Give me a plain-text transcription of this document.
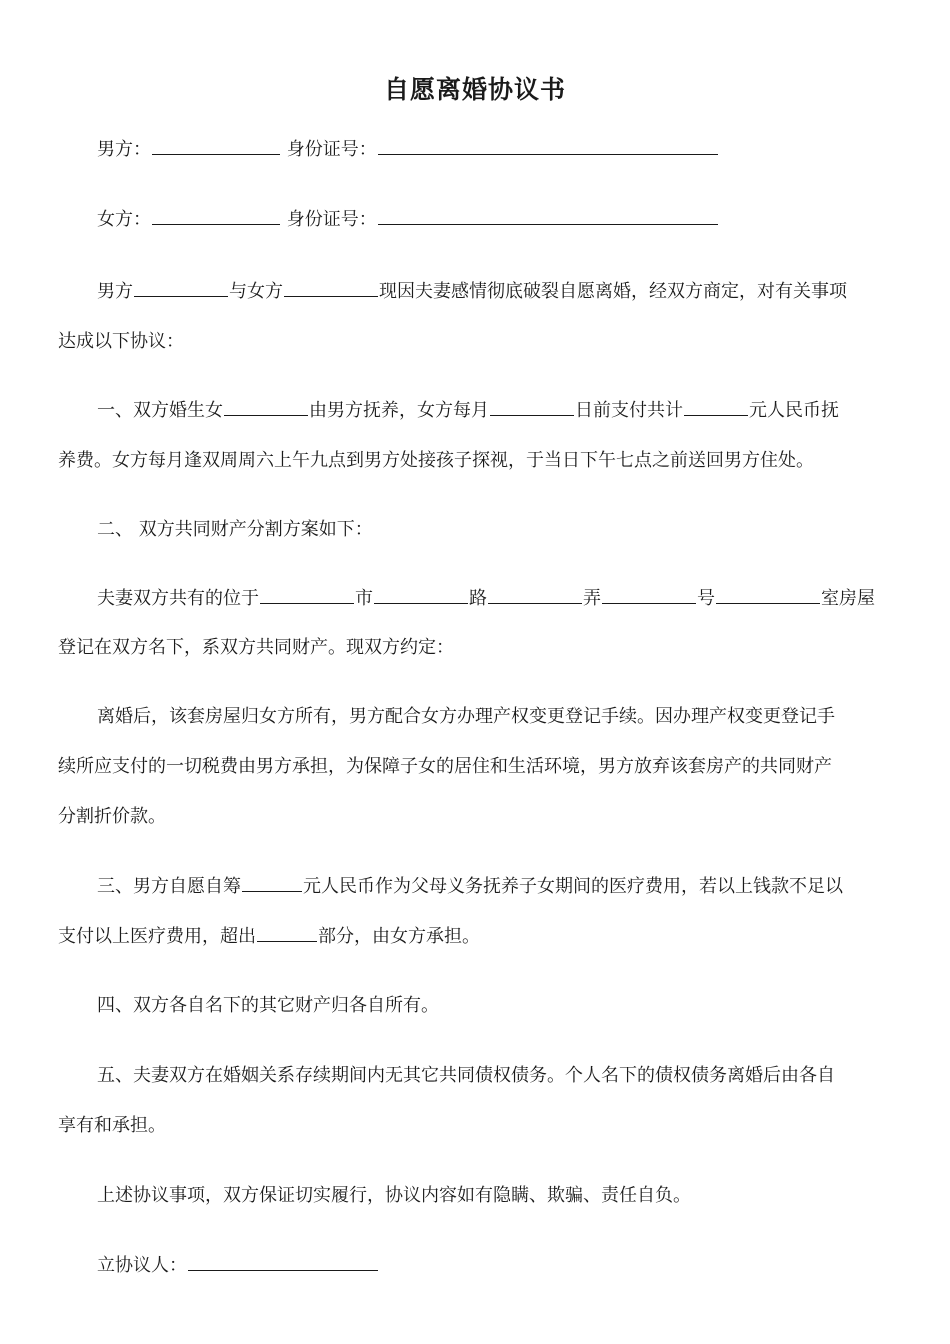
自愿离婚协议书
男方：	身份证号：
女方：	身份证号：
男方	与女方	现因夫妻感情彻底破裂自愿离婚，经双方商定，对有关事项
达成以下协议：
一、双方婚生女	由男方抚养，女方每月	日前支付共计	元人民币抚
养费。女方每月逢双周周六上午九点到男方处接孩子探视，于当日下午七点之前送回男方住处。
二、 双方共同财产分割方案如下：
夫妻双方共有的位于	市	路	弄	号	室房屋
登记在双方名下，系双方共同财产。现双方约定：
离婚后，该套房屋归女方所有，男方配合女方办理产权变更登记手续。因办理产权变更登记手
续所应支付的一切税费由男方承担，为保障子女的居住和生活环境，男方放弃该套房产的共同财产
分割折价款。
三、男方自愿自筹	元人民币作为父母义务抚养子女期间的医疗费用，若以上钱款不足以
支付以上医疗费用，超出	部分，由女方承担。
四、双方各自名下的其它财产归各自所有。
五、夫妻双方在婚姻关系存续期间内无其它共同债权债务。个人名下的债权债务离婚后由各自
享有和承担。
上述协议事项，双方保证切实履行，协议内容如有隐瞒、欺骗、责任自负。
立协议人：
